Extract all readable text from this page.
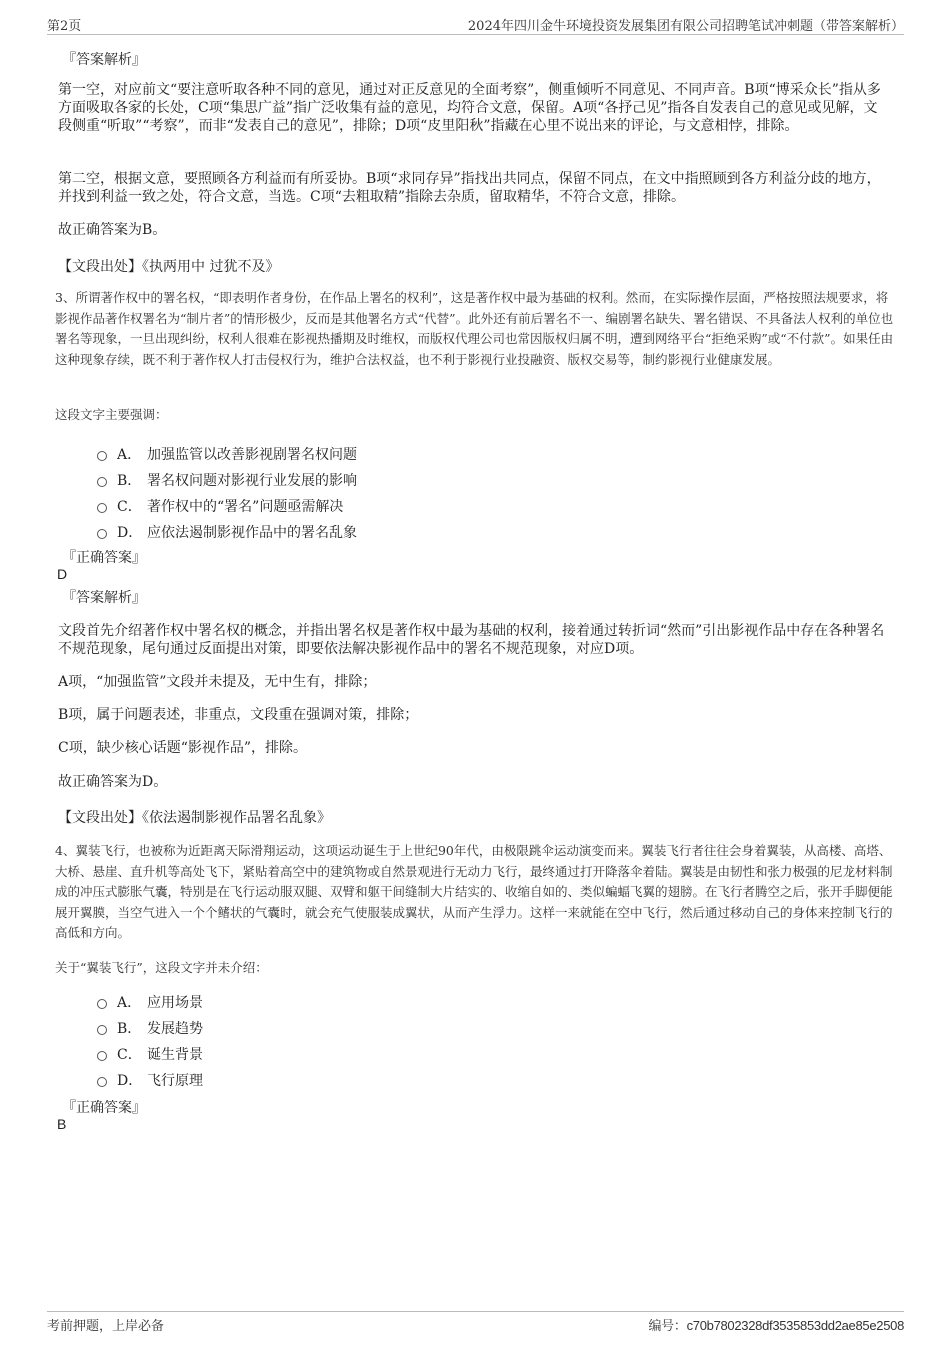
第2页	2024年四川金牛环境投资发展集团有限公司招聘笔试冲刺题（带答案解析）
『答案解析』
第一空，对应前文“要注意听取各种不同的意见，通过对正反意见的全面考察”，侧重倾听不同意见、不同声音。B项“博采众长”指从多方面吸取各家的长处，C项“集思广益”指广泛收集有益的意见，均符合文意，保留。A项“各抒己见”指各自发表自己的意见或见解，文段侧重“听取”“考察”，而非“发表自己的意见”，排除；D项“皮里阳秋”指藏在心里不说出来的评论，与文意相悖，排除。
第二空，根据文意，要照顾各方利益而有所妥协。B项“求同存异”指找出共同点，保留不同点，在文中指照顾到各方利益分歧的地方，并找到利益一致之处，符合文意，当选。C项“去粗取精”指除去杂质，留取精华，不符合文意，排除。
故正确答案为B。
【文段出处】《执两用中 过犹不及》
3、所谓著作权中的署名权，“即表明作者身份，在作品上署名的权利”，这是著作权中最为基础的权利。然而，在实际操作层面，严格按照法规要求，将影视作品著作权署名为“制片者”的情形极少，反而是其他署名方式“代替”。此外还有前后署名不一、编剧署名缺失、署名错误、不具备法人权利的单位也署名等现象，一旦出现纠纷，权利人很难在影视热播期及时维权，而版权代理公司也常因版权归属不明，遭到网络平台“拒绝采购”或“不付款”。如果任由这种现象存续，既不利于著作权人打击侵权行为，维护合法权益，也不利于影视行业投融资、版权交易等，制约影视行业健康发展。
这段文字主要强调：
A． 加强监管以改善影视剧署名权问题
B． 署名权问题对影视行业发展的影响
C． 著作权中的“署名”问题亟需解决
D． 应依法遏制影视作品中的署名乱象
『正确答案』
D
『答案解析』
文段首先介绍著作权中署名权的概念，并指出署名权是著作权中最为基础的权利，接着通过转折词“然而”引出影视作品中存在各种署名不规范现象，尾句通过反面提出对策，即要依法解决影视作品中的署名不规范现象，对应D项。
A项，“加强监管”文段并未提及，无中生有，排除；
B项，属于问题表述，非重点，文段重在强调对策，排除；
C项，缺少核心话题“影视作品”，排除。
故正确答案为D。
【文段出处】《依法遏制影视作品署名乱象》
4、翼装飞行，也被称为近距离天际滑翔运动，这项运动诞生于上世纪90年代，由极限跳伞运动演变而来。翼装飞行者往往会身着翼装，从高楼、高塔、大桥、悬崖、直升机等高处飞下，紧贴着高空中的建筑物或自然景观进行无动力飞行，最终通过打开降落伞着陆。翼装是由韧性和张力极强的尼龙材料制成的冲压式膨胀气囊，特别是在飞行运动服双腿、双臂和躯干间缝制大片结实的、收缩自如的、类似蝙蝠飞翼的翅膀。在飞行者腾空之后，张开手脚便能展开翼膜，当空气进入一个个鳍状的气囊时，就会充气使服装成翼状，从而产生浮力。这样一来就能在空中飞行，然后通过移动自己的身体来控制飞行的高低和方向。
关于“翼装飞行”，这段文字并未介绍：
A． 应用场景
B． 发展趋势
C． 诞生背景
D． 飞行原理
『正确答案』
B
考前押题，上岸必备	编号：c70b7802328df3535853dd2ae85e2508
